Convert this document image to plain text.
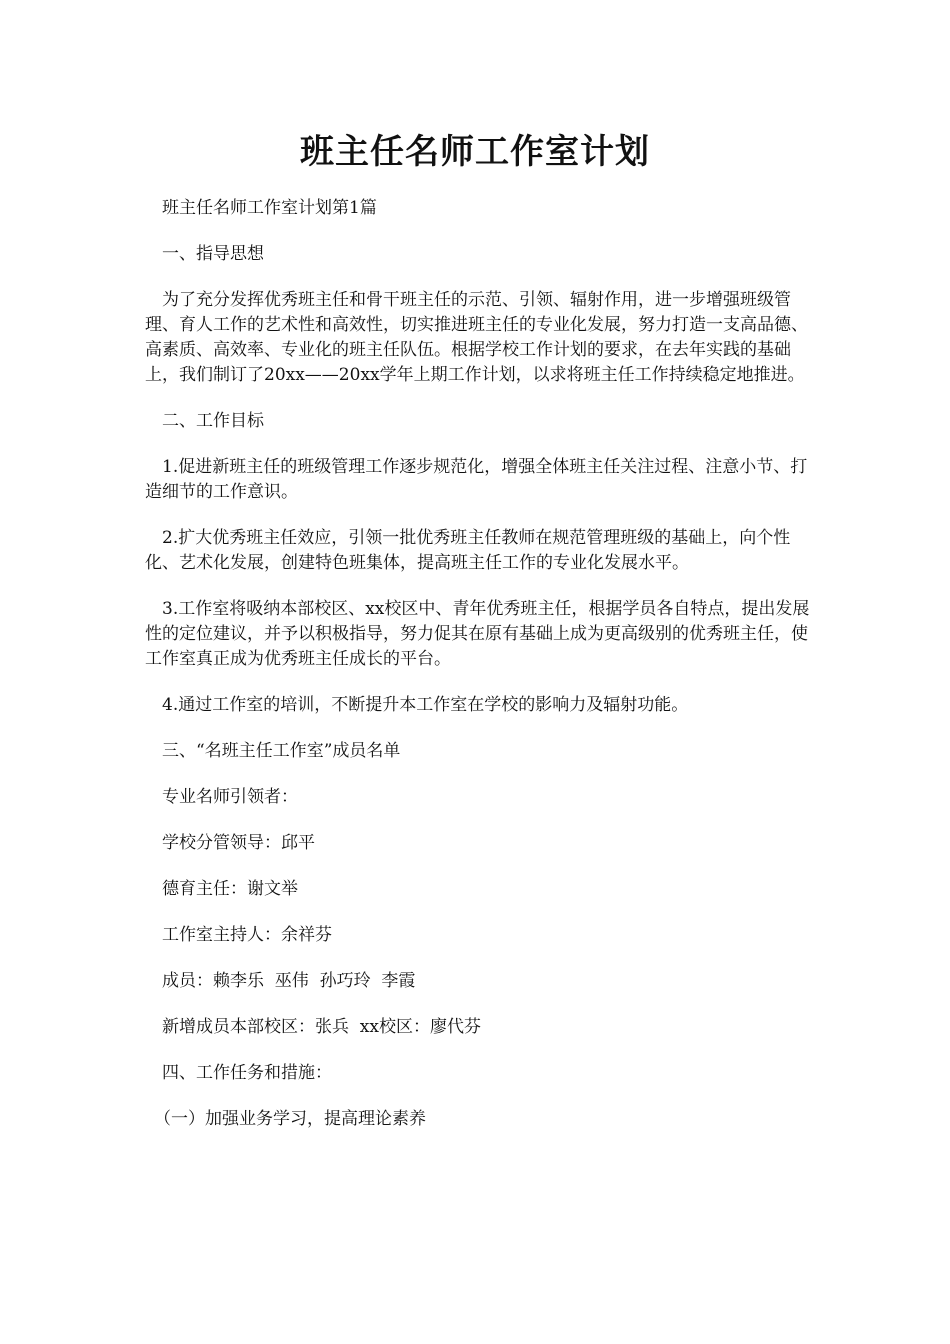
班主任名师工作室计划

班主任名师工作室计划第1篇

一、指导思想

为了充分发挥优秀班主任和骨干班主任的示范、引领、辐射作用，进一步增强班级管理、育人工作的艺术性和高效性，切实推进班主任的专业化发展，努力打造一支高品德、高素质、高效率、专业化的班主任队伍。根据学校工作计划的要求，在去年实践的基础上，我们制订了20xx——20xx学年上期工作计划，以求将班主任工作持续稳定地推进。

二、工作目标

1.促进新班主任的班级管理工作逐步规范化，增强全体班主任关注过程、注意小节、打造细节的工作意识。

2.扩大优秀班主任效应，引领一批优秀班主任教师在规范管理班级的基础上，向个性化、艺术化发展，创建特色班集体，提高班主任工作的专业化发展水平。

3.工作室将吸纳本部校区、xx校区中、青年优秀班主任，根据学员各自特点，提出发展性的定位建议，并予以积极指导，努力促其在原有基础上成为更高级别的优秀班主任，使工作室真正成为优秀班主任成长的平台。

4.通过工作室的培训，不断提升本工作室在学校的影响力及辐射功能。

三、“名班主任工作室”成员名单

专业名师引领者：

学校分管领导：邱平

德育主任：谢文举

工作室主持人：余祥芬

成员：赖李乐  巫伟  孙巧玲  李霞

新增成员本部校区：张兵  xx校区：廖代芬

四、工作任务和措施：

（一）加强业务学习，提高理论素养
